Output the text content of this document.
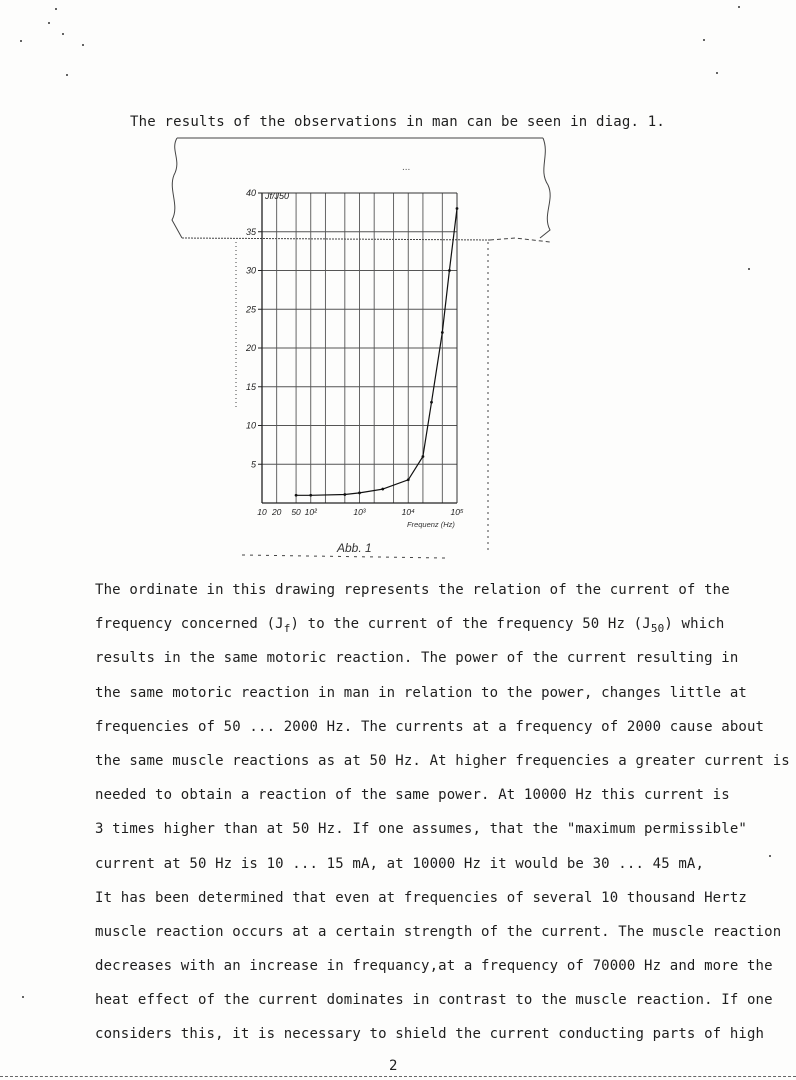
The results of the observations in man can be seen in diag. 1.
...
5
10
15
20
25
30
35
40
10 20 50 10²	10³	10⁴	10⁵
Jf/J50
Frequenz (Hz)
Abb. 1
The ordinate in this drawing represents the relation of the current of the
frequency concerned $(J_f)$ to the current of the frequency 50 Hz $(J_{50})$ which
results in the same motoric reaction. The power of the current resulting in
the same motoric reaction in man in relation to the power, changes little at
frequencies of 50 ... 2000 Hz. The currents at a frequency of 2000 cause about
the same muscle reactions as at 50 Hz. At higher frequencies a greater current is
needed to obtain a reaction of the same power. At 10000 Hz this current is
3 times higher than at 50 Hz. If one assumes, that the "maximum permissible"
current at 50 Hz is 10 ... 15 mA, at 10000 Hz it would be 30 ... 45 mA,
It has been determined that even at frequencies of several 10 thousand Hertz
muscle reaction occurs at a certain strength of the current. The muscle reaction
decreases with an increase in frequancy,at a frequency of 70000 Hz and more the
heat effect of the current dominates in contrast to the muscle reaction. If one
considers this, it is necessary to shield the current conducting parts of high
2
